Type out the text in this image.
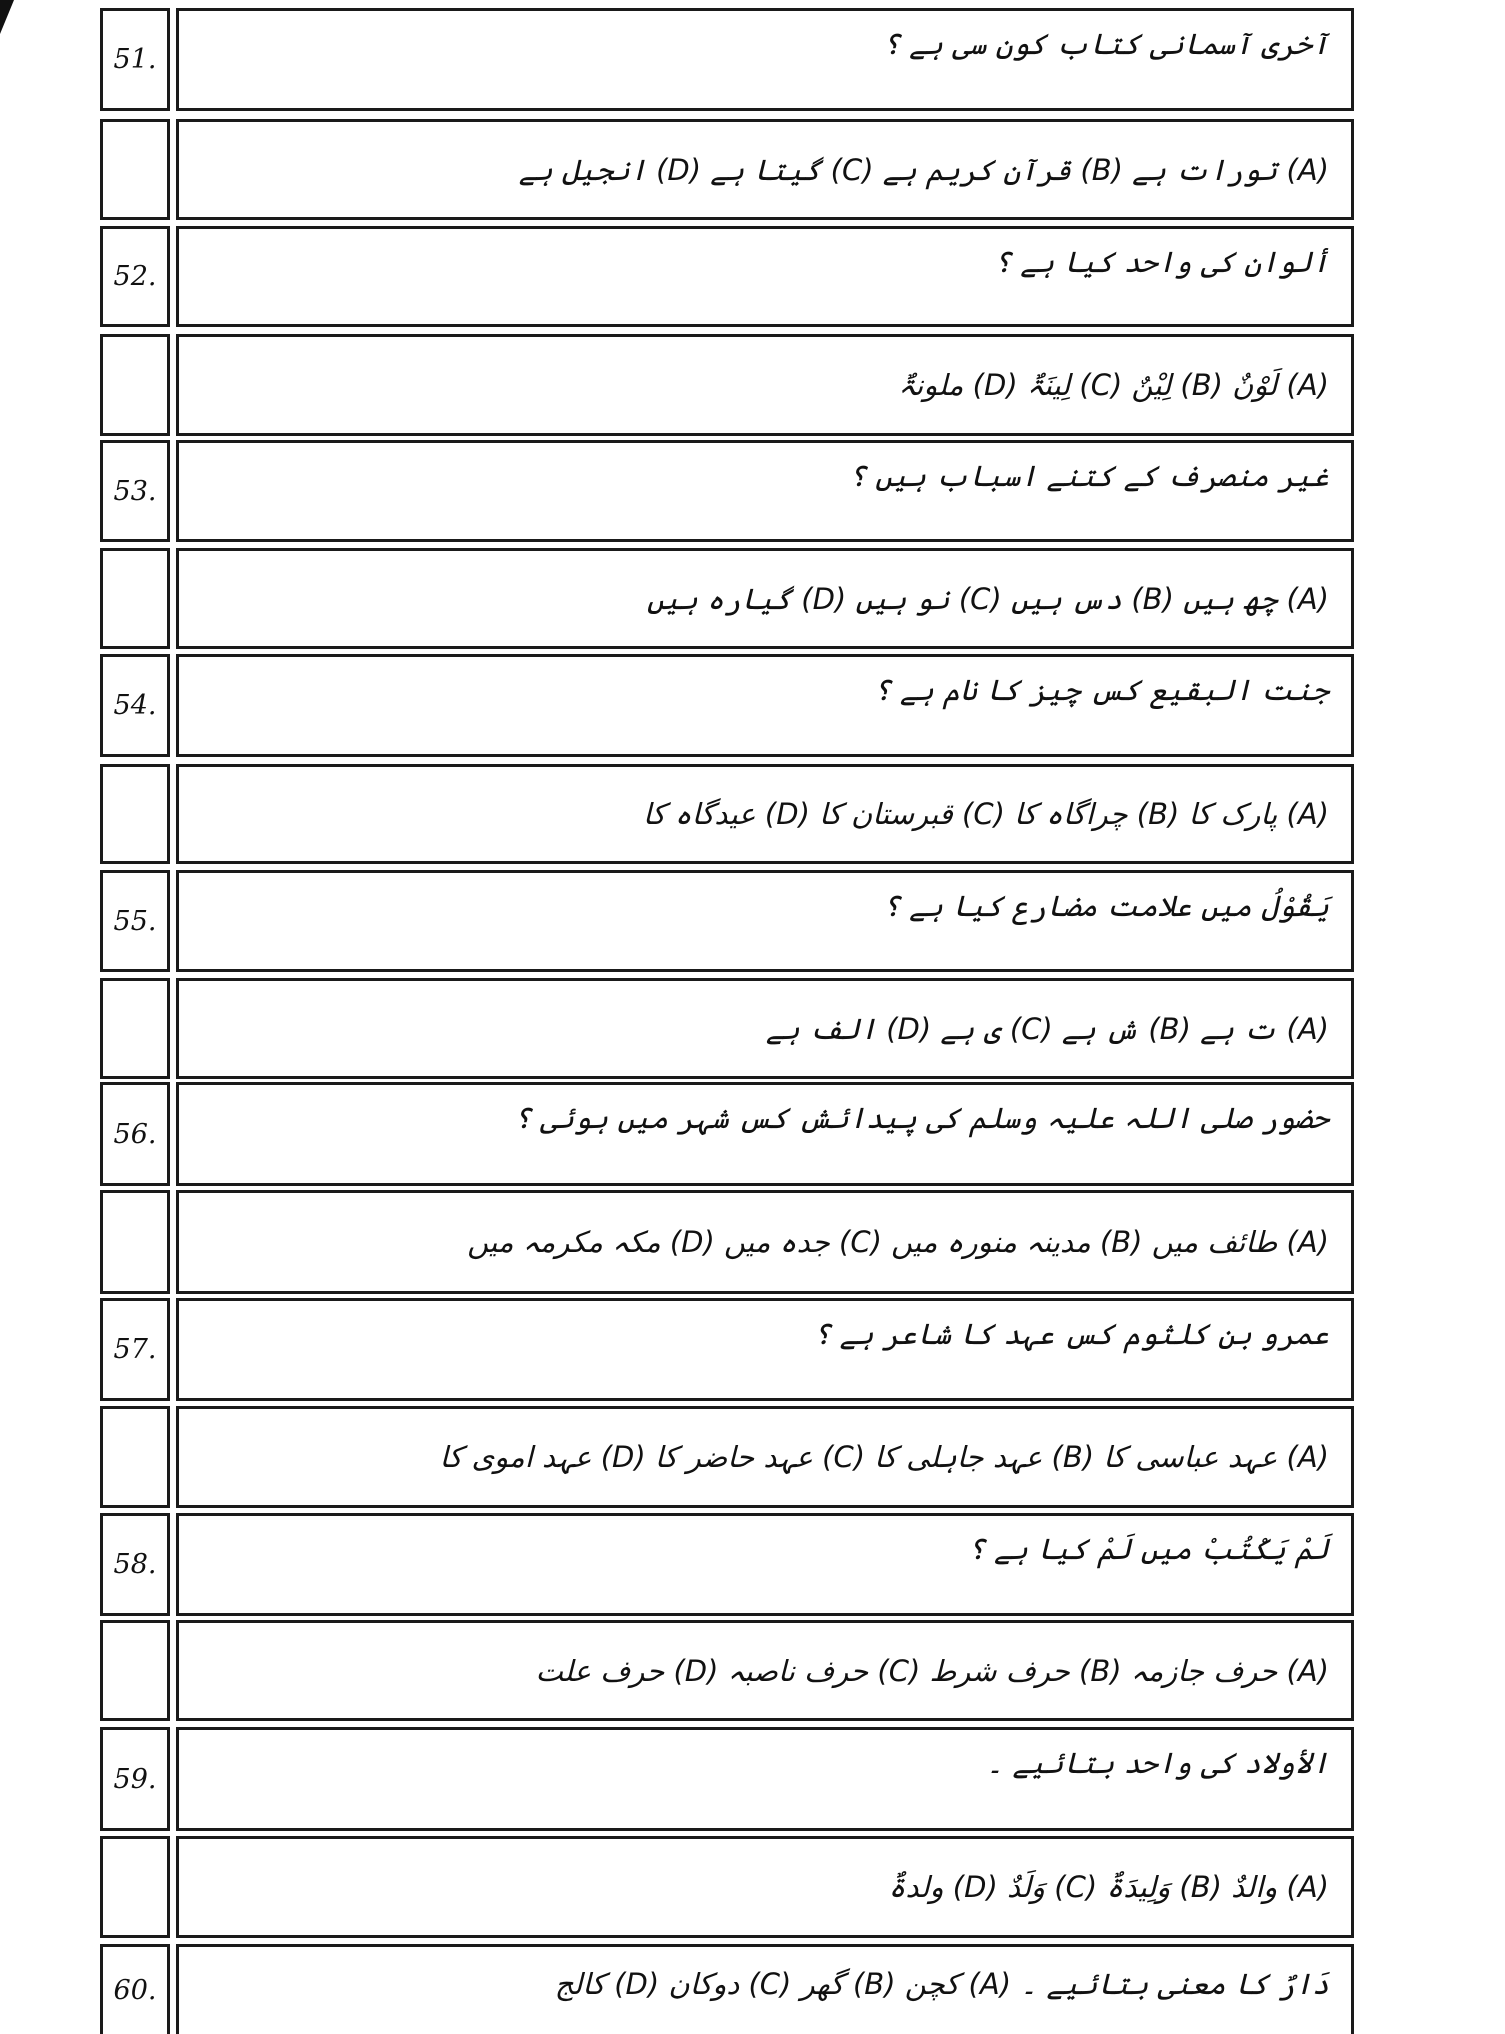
51.	آخری آسمانی کتاب کون سی ہے ؟
(A) تورات ہے (B) قرآن کریم ہے (C) گیتا ہے (D) انجیل ہے
52.	ألوان کی واحد کیا ہے ؟
(A) لَوْنٌ (B) لِیْنٌ (C) لِینَۃٌ (D) ملونۃٌ
53.	غیر منصرف کے کتنے اسباب ہیں ؟
(A) چھ ہیں (B) دس ہیں (C) نو ہیں (D) گیارہ ہیں
54.	جنت البقیع کس چیز کا نام ہے ؟
(A) پارک کا (B) چراگاہ کا (C) قبرستان کا (D) عیدگاہ کا
55.	یَقُوْلُ میں علامت مضارع کیا ہے ؟
(A) ت ہے (B) ش ہے (C) ی ہے (D) الف ہے
56.	حضور صلی اللہ علیہ وسلم کی پیدائش کس شہر میں ہوئی ؟
(A) طائف میں (B) مدینہ منورہ میں (C) جدہ میں (D) مکہ مکرمہ میں
57.	عمرو بن کلثوم کس عہد کا شاعر ہے ؟
(A) عہد عباسی کا (B) عہد جاہلی کا (C) عہد حاضر کا (D) عہد اموی کا
58.	لَمْ یَکْتُبْ میں لَمْ کیا ہے ؟
(A) حرف جازمہ (B) حرف شرط (C) حرف ناصبہ (D) حرف علت
59.	الأولاد کی واحد بتائیے ۔
(A) والدٌ (B) وَلِیدَۃٌ (C) وَلَدٌ (D) ولدۃٌ
60.	دَارٌ کا معنی بتائیے ۔ (A) کچن (B) گھر (C) دوکان (D) کالج
